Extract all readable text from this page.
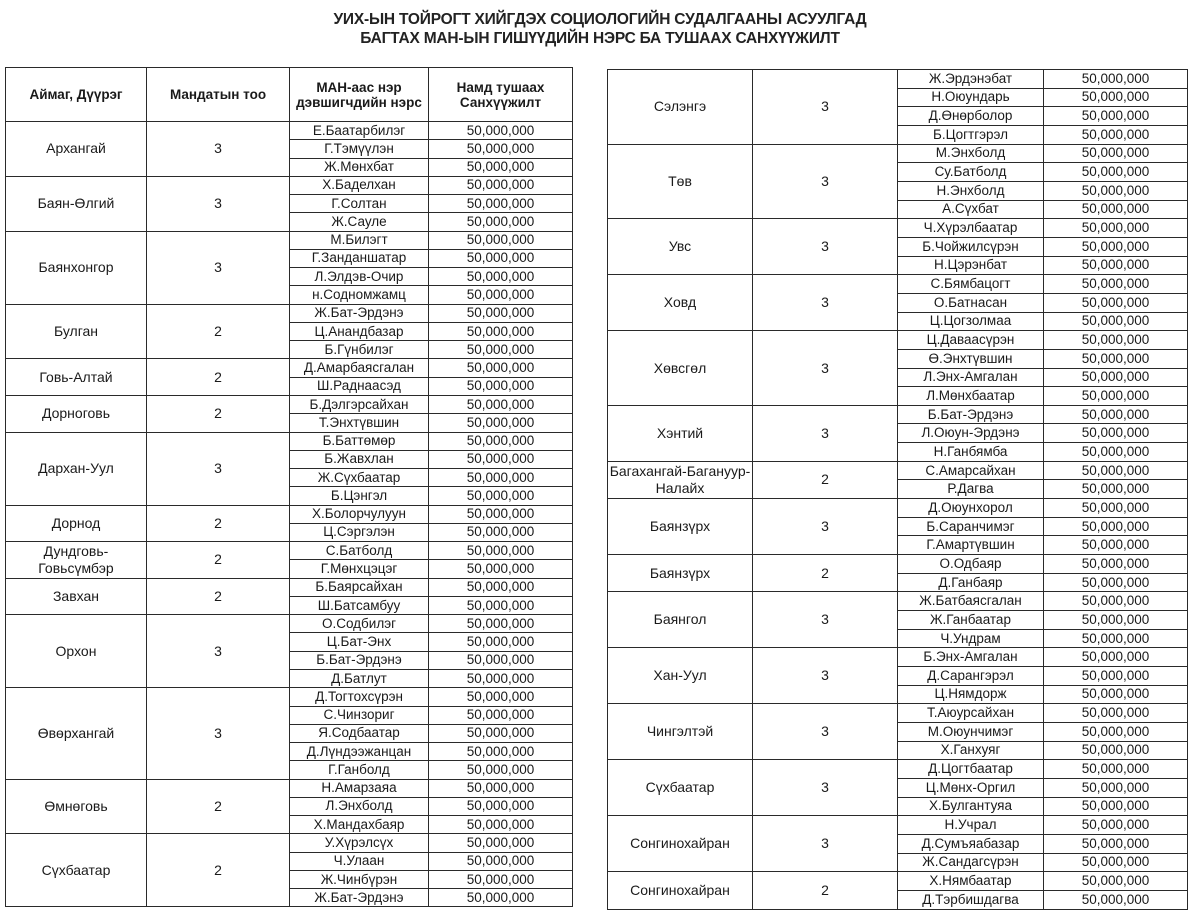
УИХ-ЫН ТОЙРОГТ ХИЙГДЭХ СОЦИОЛОГИЙН СУДАЛГААНЫ АСУУЛГАД
БАГТАХ МАН-ЫН ГИШҮҮДИЙН НЭРС БА ТУШААХ САНХҮҮЖИЛТ
Аймаг, Дүүрэг	Мандатын тоо	МАН-аас нэр дэвшигчдийн нэрс	Намд тушаах Санхүүжилт
Архангай	3	Е.Баатарбилэг	50,000,000
		Г.Тэмүүлэн	50,000,000
		Ж.Мөнхбат	50,000,000
Баян-Өлгий	3	Х.Баделхан	50,000,000
		Г.Солтан	50,000,000
		Ж.Сауле	50,000,000
Баянхонгор	3	М.Билэгт	50,000,000
		Г.Занданшатар	50,000,000
		Л.Элдэв-Очир	50,000,000
		н.Содномжамц	50,000,000
Булган	2	Ж.Бат-Эрдэнэ	50,000,000
		Ц.Анандбазар	50,000,000
		Б.Гүнбилэг	50,000,000
Говь-Алтай	2	Д.Амарбаясгалан	50,000,000
		Ш.Раднаасэд	50,000,000
Дорноговь	2	Б.Дэлгэрсайхан	50,000,000
		Т.Энхтүвшин	50,000,000
Дархан-Уул	3	Б.Баттөмөр	50,000,000
		Б.Жавхлан	50,000,000
		Ж.Сүхбаатар	50,000,000
		Б.Цэнгэл	50,000,000
Дорнод	2	Х.Болорчулуун	50,000,000
		Ц.Сэргэлэн	50,000,000
Дундговь-Говьсүмбэр	2	С.Батболд	50,000,000
		Г.Мөнхцэцэг	50,000,000
Завхан	2	Б.Баярсайхан	50,000,000
		Ш.Батсамбуу	50,000,000
Орхон	3	О.Содбилэг	50,000,000
		Ц.Бат-Энх	50,000,000
		Б.Бат-Эрдэнэ	50,000,000
		Д.Батлут	50,000,000
Өвөрхангай	3	Д.Тогтохсүрэн	50,000,000
		С.Чинзориг	50,000,000
		Я.Содбаатар	50,000,000
		Д.Лүндээжанцан	50,000,000
		Г.Ганболд	50,000,000
Өмнөговь	2	Н.Амарзаяа	50,000,000
		Л.Энхболд	50,000,000
		Х.Мандахбаяр	50,000,000
Сүхбаатар	2	У.Хүрэлсүх	50,000,000
		Ч.Улаан	50,000,000
		Ж.Чинбүрэн	50,000,000
		Ж.Бат-Эрдэнэ	50,000,000
Сэлэнгэ	3	Ж.Эрдэнэбат	50,000,000
		Н.Оюундарь	50,000,000
		Д.Өнөрболор	50,000,000
		Б.Цогтгэрэл	50,000,000
Төв	3	М.Энхболд	50,000,000
		Су.Батболд	50,000,000
		Н.Энхболд	50,000,000
		А.Сүхбат	50,000,000
Увс	3	Ч.Хүрэлбаатар	50,000,000
		Б.Чойжилсүрэн	50,000,000
		Н.Цэрэнбат	50,000,000
Ховд	3	С.Бямбацогт	50,000,000
		О.Батнасан	50,000,000
		Ц.Цогзолмаа	50,000,000
Хөвсгөл	3	Ц.Даваасүрэн	50,000,000
		Ө.Энхтүвшин	50,000,000
		Л.Энх-Амгалан	50,000,000
		Л.Мөнхбаатар	50,000,000
Хэнтий	3	Б.Бат-Эрдэнэ	50,000,000
		Л.Оюун-Эрдэнэ	50,000,000
		Н.Ганбямба	50,000,000
Багахангай-Багануур-Налайх	2	С.Амарсайхан	50,000,000
		Р.Дагва	50,000,000
Баянзүрх	3	Д.Оюунхорол	50,000,000
		Б.Саранчимэг	50,000,000
		Г.Амартүвшин	50,000,000
Баянзүрх	2	О.Одбаяр	50,000,000
		Д.Ганбаяр	50,000,000
Баянгол	3	Ж.Батбаясгалан	50,000,000
		Ж.Ганбаатар	50,000,000
		Ч.Ундрам	50,000,000
Хан-Уул	3	Б.Энх-Амгалан	50,000,000
		Д.Сарангэрэл	50,000,000
		Ц.Нямдорж	50,000,000
Чингэлтэй	3	Т.Аюурсайхан	50,000,000
		М.Оюунчимэг	50,000,000
		Х.Ганхуяг	50,000,000
Сүхбаатар	3	Д.Цогтбаатар	50,000,000
		Ц.Мөнх-Оргил	50,000,000
		Х.Булгантуяа	50,000,000
Сонгинохайран	3	Н.Учрал	50,000,000
		Д.Сумъяабазар	50,000,000
		Ж.Сандагсүрэн	50,000,000
Сонгинохайран	2	Х.Нямбаатар	50,000,000
		Д.Тэрбишдагва	50,000,000
